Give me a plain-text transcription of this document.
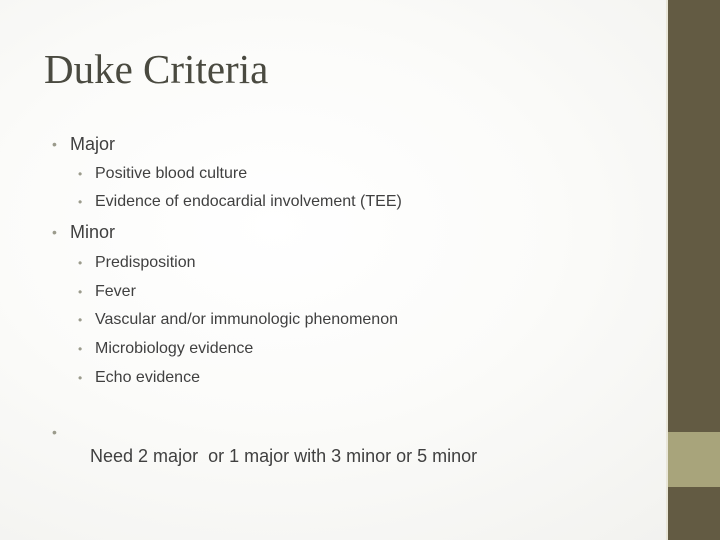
Duke Criteria
• Major
• Positive blood culture
• Evidence of endocardial involvement (TEE)
• Minor
• Predisposition
• Fever
• Vascular and/or immunologic phenomenon
• Microbiology evidence
• Echo evidence

•

Need 2 major  or 1 major with 3 minor or 5 minor
